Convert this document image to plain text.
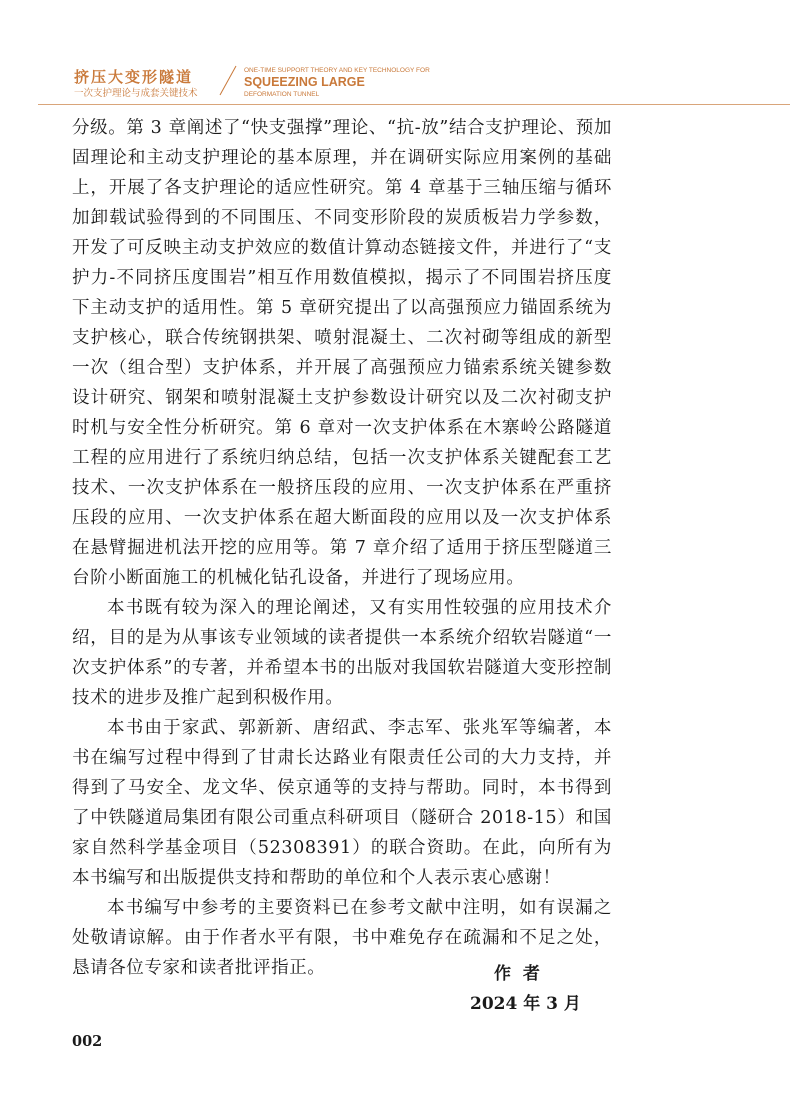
挤压大变形隧道
一次支护理论与成套关键技术
ONE-TIME SUPPORT THEORY AND KEY TECHNOLOGY FOR
SQUEEZING LARGE
DEFORMATION TUNNEL

分级。第 3 章阐述了“快支强撑”理论、“抗-放”结合支护理论、预加固理论和主动支护理论的基本原理，并在调研实际应用案例的基础上，开展了各支护理论的适应性研究。第 4 章基于三轴压缩与循环加卸载试验得到的不同围压、不同变形阶段的炭质板岩力学参数，开发了可反映主动支护效应的数值计算动态链接文件，并进行了“支护力-不同挤压度围岩”相互作用数值模拟，揭示了不同围岩挤压度下主动支护的适用性。第 5 章研究提出了以高强预应力锚固系统为支护核心，联合传统钢拱架、喷射混凝土、二次衬砌等组成的新型一次（组合型）支护体系，并开展了高强预应力锚索系统关键参数设计研究、钢架和喷射混凝土支护参数设计研究以及二次衬砌支护时机与安全性分析研究。第 6 章对一次支护体系在木寨岭公路隧道工程的应用进行了系统归纳总结，包括一次支护体系关键配套工艺技术、一次支护体系在一般挤压段的应用、一次支护体系在严重挤压段的应用、一次支护体系在超大断面段的应用以及一次支护体系在悬臂掘进机法开挖的应用等。第 7 章介绍了适用于挤压型隧道三台阶小断面施工的机械化钻孔设备，并进行了现场应用。

本书既有较为深入的理论阐述，又有实用性较强的应用技术介绍，目的是为从事该专业领域的读者提供一本系统介绍软岩隧道“一次支护体系”的专著，并希望本书的出版对我国软岩隧道大变形控制技术的进步及推广起到积极作用。

本书由于家武、郭新新、唐绍武、李志军、张兆军等编著，本书在编写过程中得到了甘肃长达路业有限责任公司的大力支持，并得到了马安全、龙文华、侯京通等的支持与帮助。同时，本书得到了中铁隧道局集团有限公司重点科研项目（隧研合 2018-15）和国家自然科学基金项目（52308391）的联合资助。在此，向所有为本书编写和出版提供支持和帮助的单位和个人表示衷心感谢！

本书编写中参考的主要资料已在参考文献中注明，如有误漏之处敬请谅解。由于作者水平有限，书中难免存在疏漏和不足之处，恳请各位专家和读者批评指正。	作  者
2024 年 3 月
002
